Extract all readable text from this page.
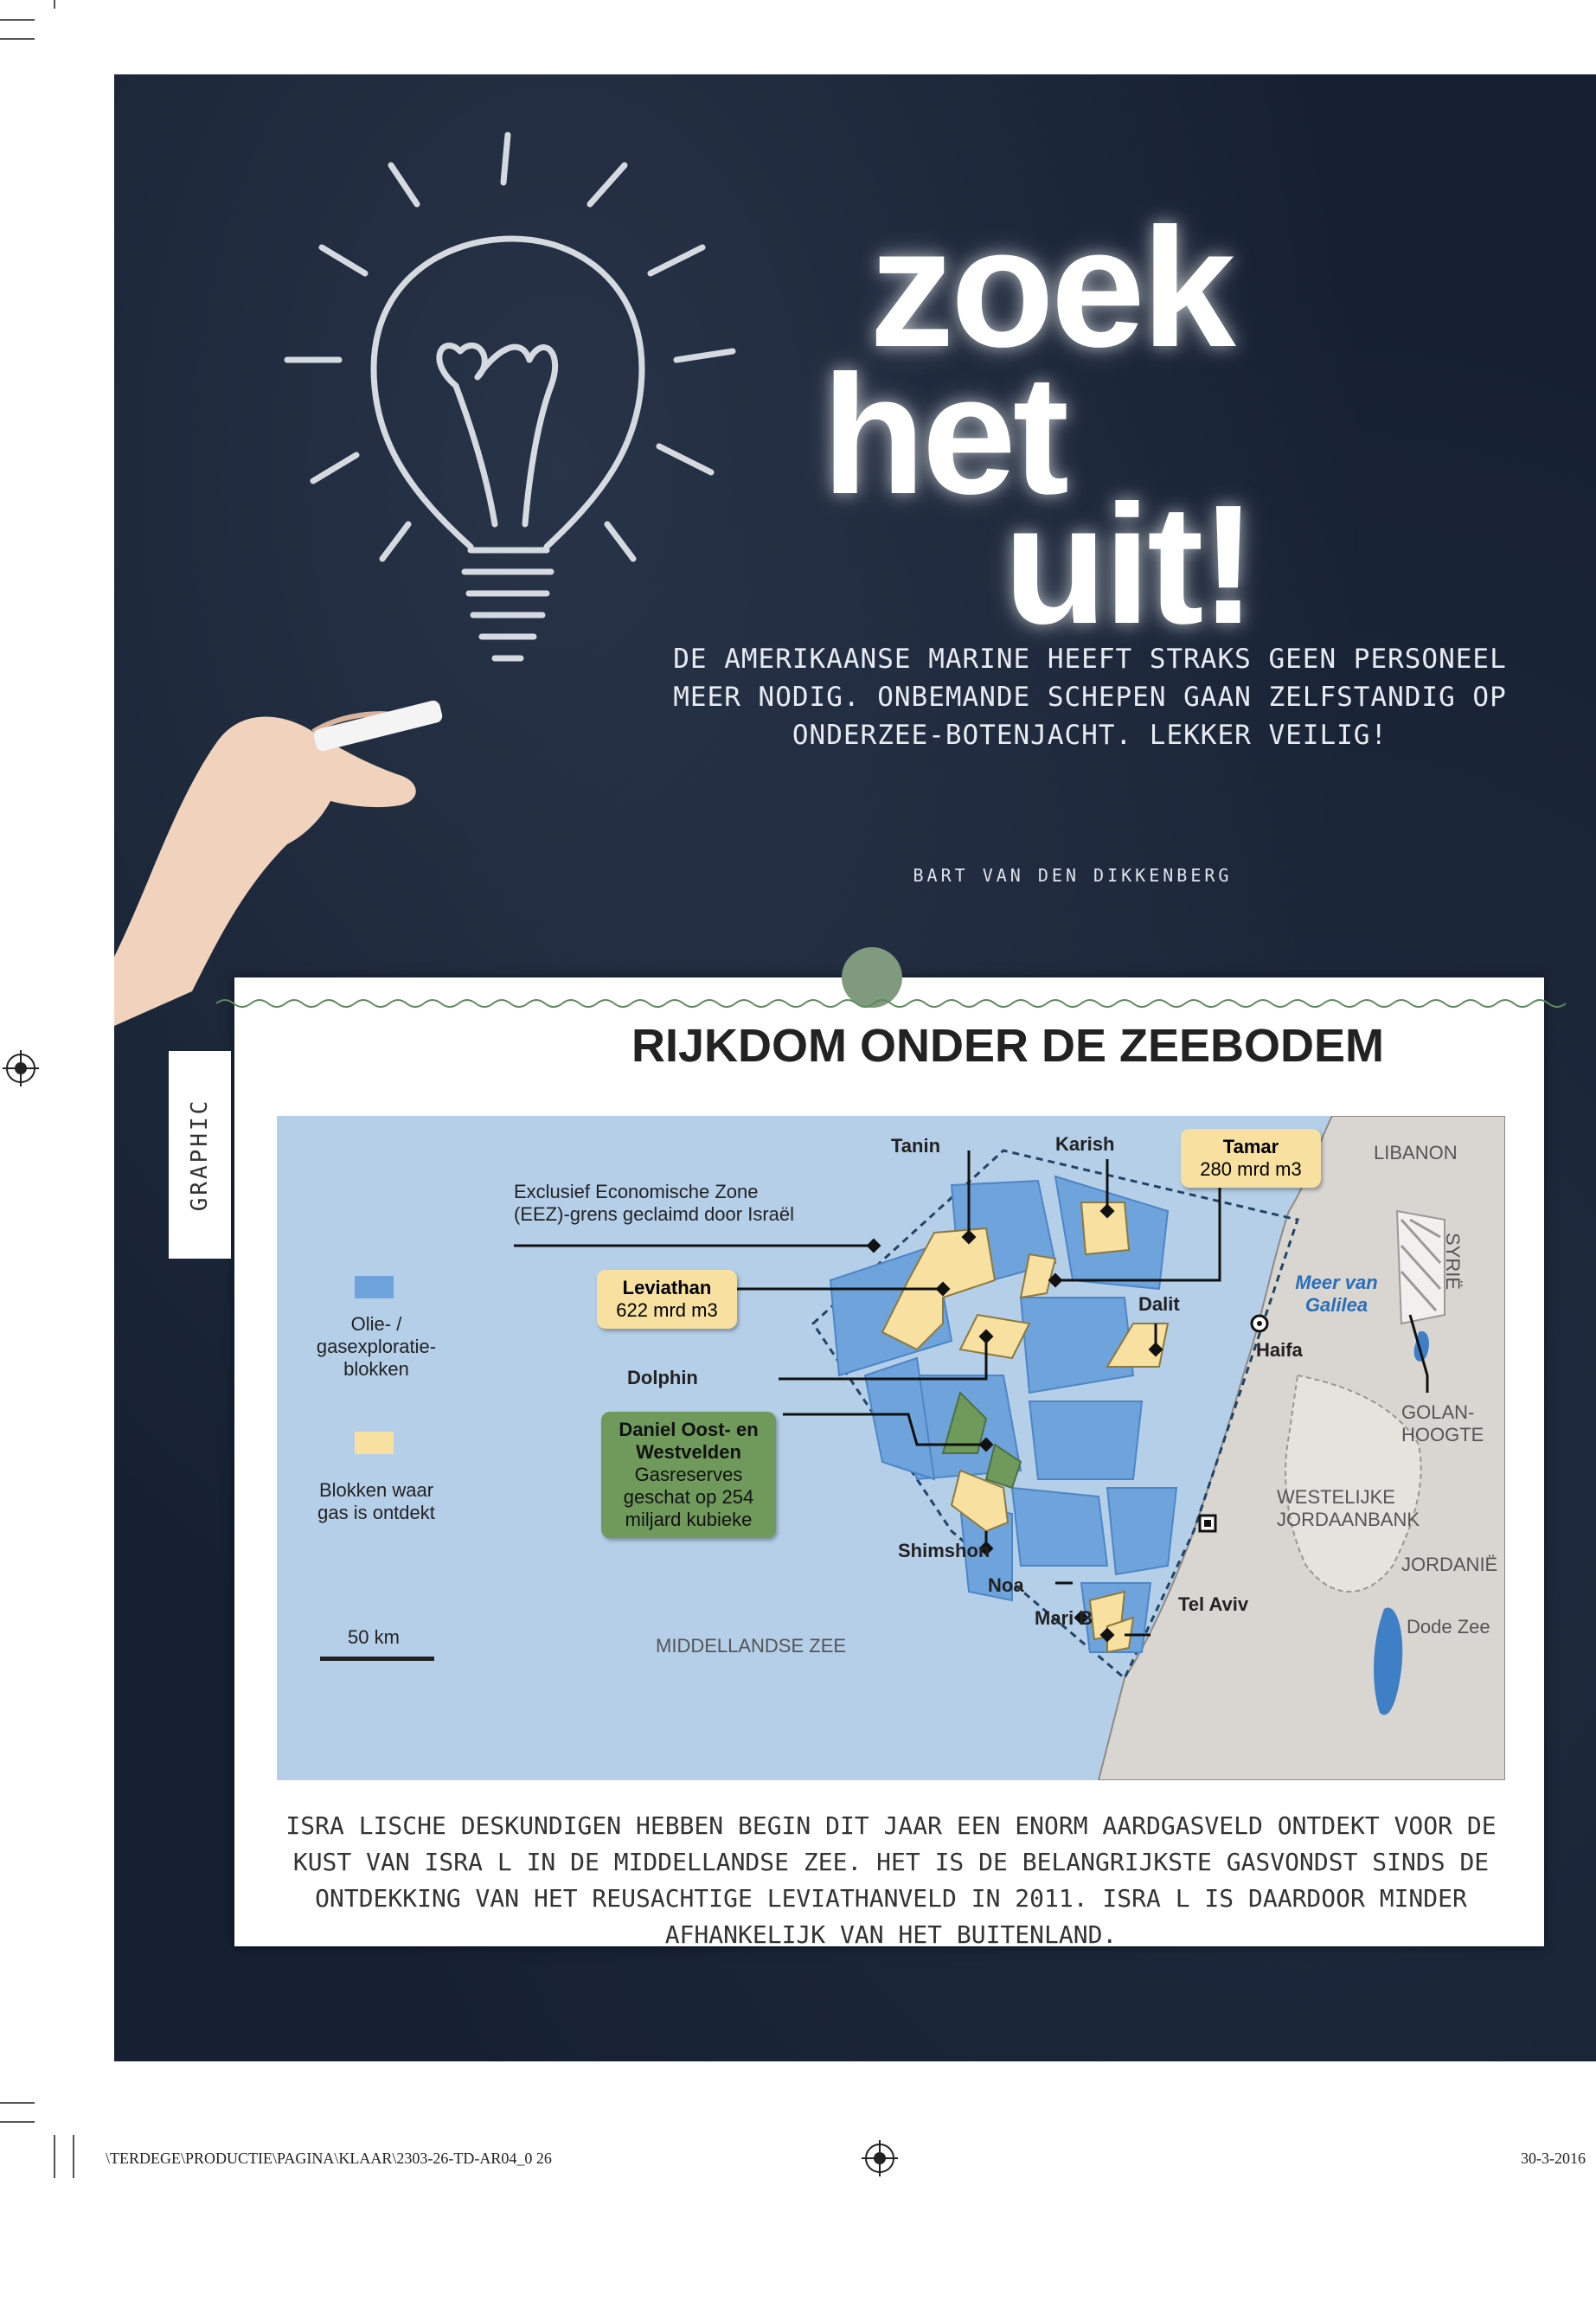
zoek
het
uit!
DE AMERIKAANSE MARINE HEEFT STRAKS GEEN PERSONEEL MEER NODIG. ONBEMANDE SCHEPEN GAAN ZELFSTANDIG OP ONDERZEE-BOTENJACHT. LEKKER VEILIG!
BART VAN DEN DIKKENBERG
GRAPHIC
RIJKDOM ONDER DE ZEEBODEM
Olie- / gasexploratie-blokken
Blokken waar gas is ontdekt
50 km
Exclusief Economische Zone (EEZ)-grens geclaimd door Israël
Tanin	Karish	Tamar
280 mrd m3
Leviathan
622 mrd m3	Dalit
Dolphin
Daniel Oost- en Westvelden
Gasreserves geschat op 254 miljard kubieke
Shimshon
Noa
Mari B
LIBANON
SYRIË
Meer van Galilea
Haifa
GOLAN-HOOGTE
WESTELIJKE JORDAANBANK
JORDANIË
Tel Aviv
Dode Zee
MIDDELLANDSE ZEE
ISRA LISCHE DESKUNDIGEN HEBBEN BEGIN DIT JAAR EEN ENORM AARDGASVELD ONTDEKT VOOR DE KUST VAN ISRA L IN DE MIDDELLANDSE ZEE. HET IS DE BELANGRIJKSTE GASVONDST SINDS DE ONTDEKKING VAN HET REUSACHTIGE LEVIATHANVELD IN 2011. ISRA L IS DAARDOOR MINDER AFHANKELIJK VAN HET BUITENLAND.
\TERDEGE\PRODUCTIE\PAGINA\KLAAR\2303-26-TD-AR04_0 26	30-3-2016
